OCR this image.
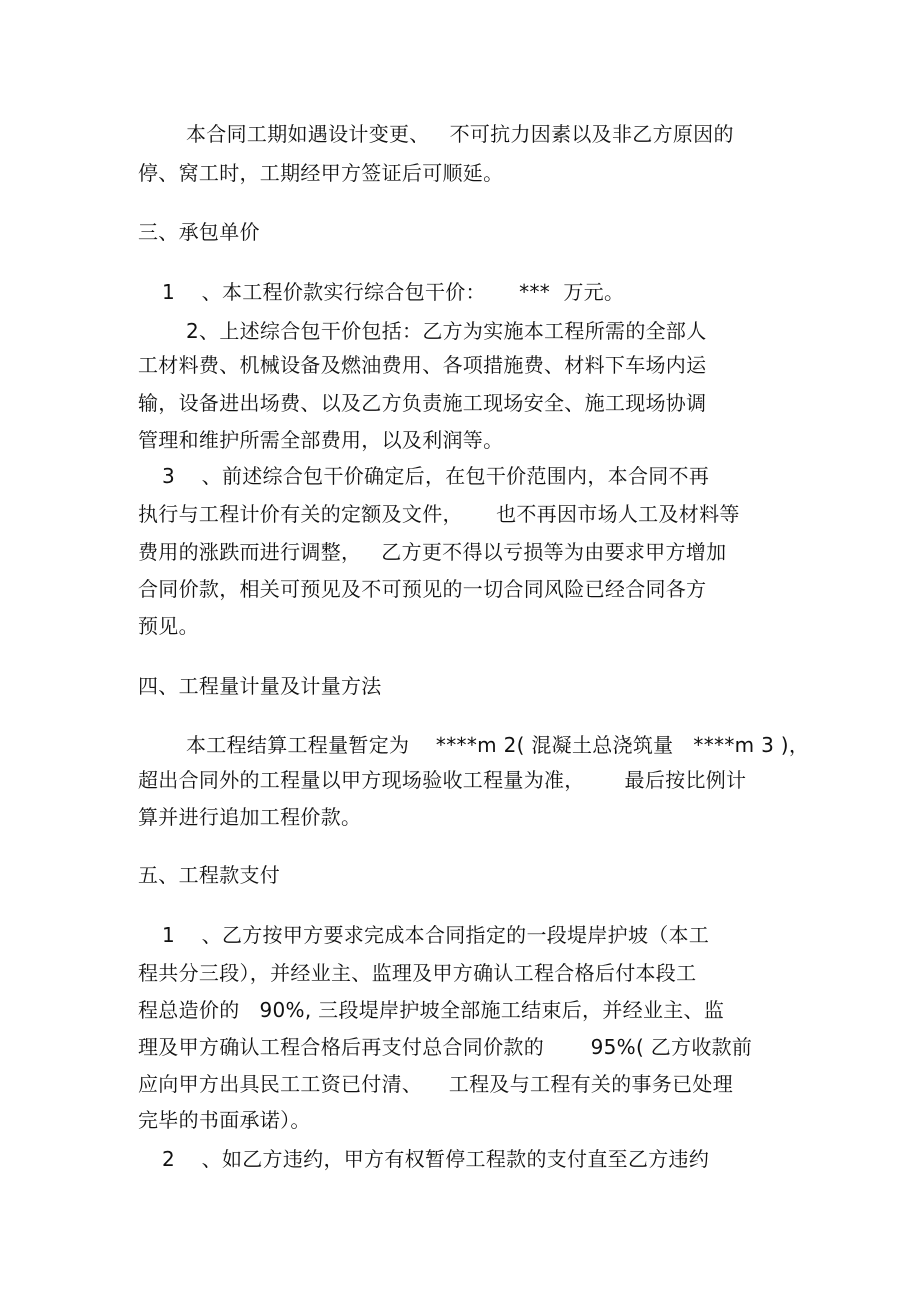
本合同工期如遇设计变更、   不可抗力因素以及非乙方原因的
停、窝工时，工期经甲方签证后可顺延。
三、承包单价
1    、本工程价款实行综合包干价：     ***  万元。
2、上述综合包干价包括：乙方为实施本工程所需的全部人
工材料费、机械设备及燃油费用、各项措施费、材料下车场内运
输，设备进出场费、以及乙方负责施工现场安全、施工现场协调
管理和维护所需全部费用，以及利润等。
3    、前述综合包干价确定后，在包干价范围内，本合同不再
执行与工程计价有关的定额及文件，     也不再因市场人工及材料等
费用的涨跌而进行调整，   乙方更不得以亏损等为由要求甲方增加
合同价款，相关可预见及不可预见的一切合同风险已经合同各方
预见。
四、工程量计量及计量方法
本工程结算工程量暂定为    ****m 2( 混凝土总浇筑量   ****m 3 )，
超出合同外的工程量以甲方现场验收工程量为准，      最后按比例计
算并进行追加工程价款。
五、工程款支付
1    、乙方按甲方要求完成本合同指定的一段堤岸护坡（本工
程共分三段），并经业主、监理及甲方确认工程合格后付本段工
程总造价的   90%, 三段堤岸护坡全部施工结束后，并经业主、监
理及甲方确认工程合格后再支付总合同价款的       95%( 乙方收款前
应向甲方出具民工工资已付清、    工程及与工程有关的事务已处理
完毕的书面承诺）。
2    、如乙方违约，甲方有权暂停工程款的支付直至乙方违约
